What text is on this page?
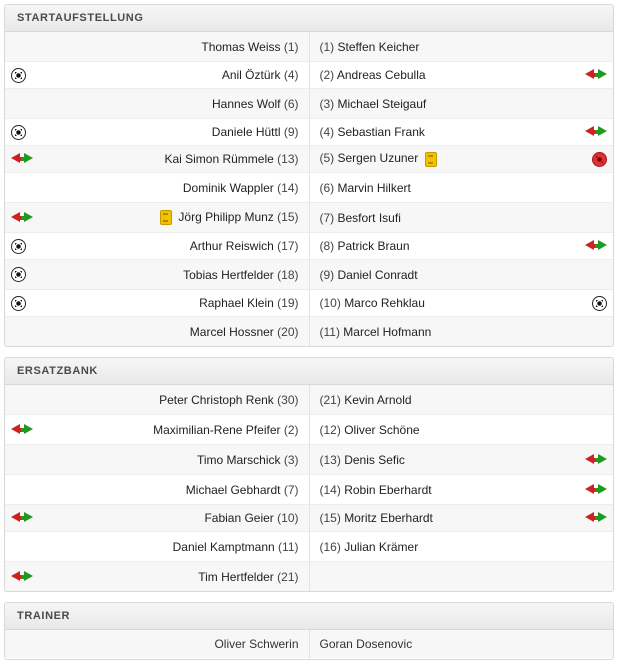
STARTAUFSTELLUNG
	Thomas Weiss (1)		(1) Steffen Keicher	

	Anil Öztürk (4)		(2) Andreas Cebulla	

	Hannes Wolf (6)		(3) Michael Steigauf	

	Daniele Hüttl (9)		(4) Sebastian Frank	

	Kai Simon Rümmele (13)		(5) Sergen Uzuner	

	Dominik Wappler (14)		(6) Marvin Hilkert	

	Jörg Philipp Munz (15)		(7) Besfort Isufi	

	Arthur Reiswich (17)		(8) Patrick Braun	

	Tobias Hertfelder (18)		(9) Daniel Conradt	

	Raphael Klein (19)		(10) Marco Rehklau	

	Marcel Hossner (20)		(11) Marcel Hofmann	
ERSATZBANK
	Peter Christoph Renk (30)		(21) Kevin Arnold	

	Maximilian-Rene Pfeifer (2)		(12) Oliver Schöne	
	Timo Marschick (3)		(13) Denis Sefic	

	Michael Gebhardt (7)		(14) Robin Eberhardt	

	Fabian Geier (10)		(15) Moritz Eberhardt	

	Daniel Kamptmann (11)		(16) Julian Krämer	

	Tim Hertfelder (21)			
TRAINER
	Oliver Schwerin		Goran Dosenovic	
